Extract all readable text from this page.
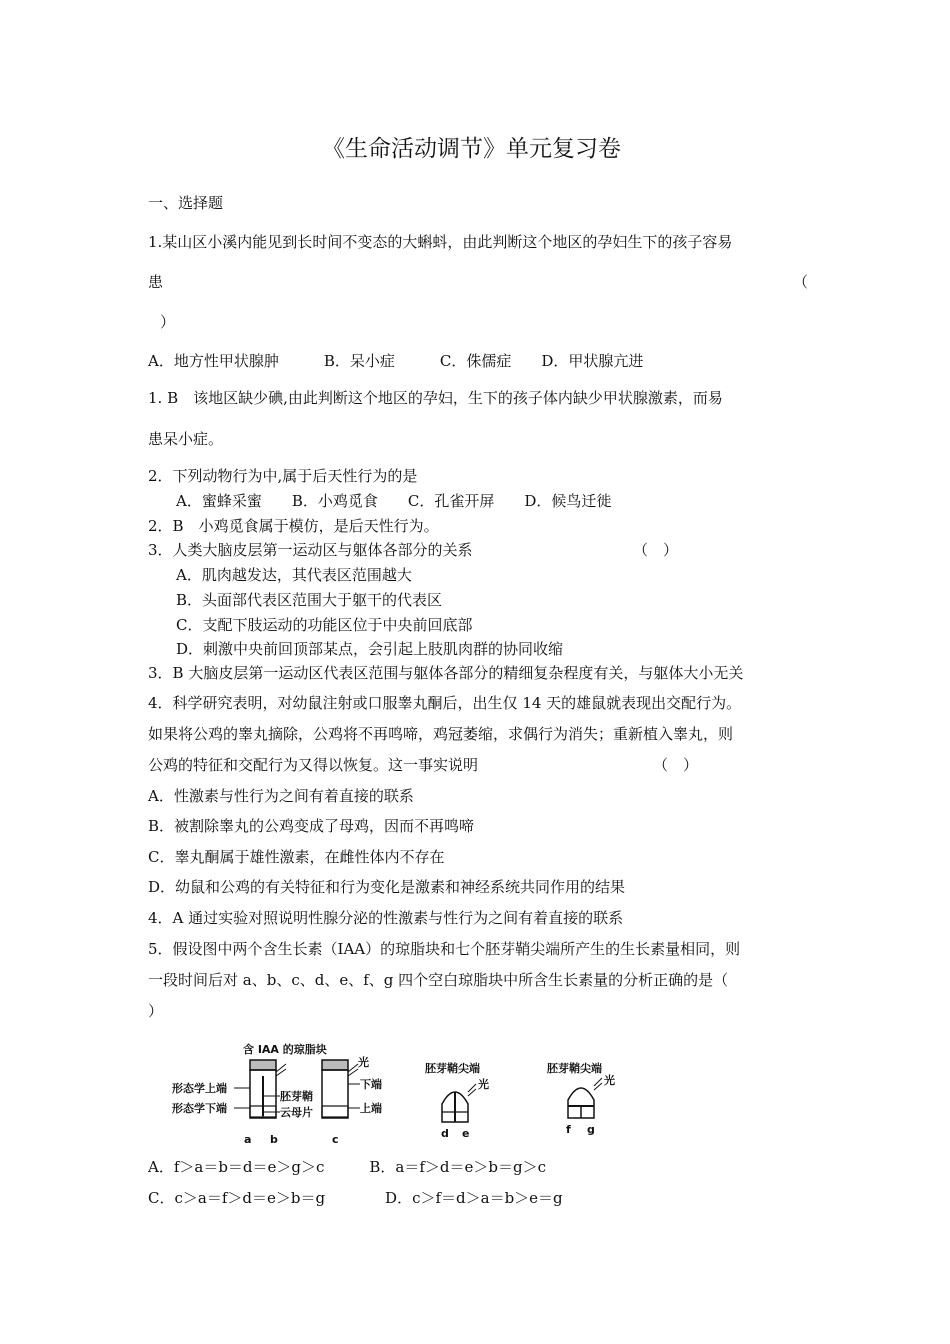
《生命活动调节》单元复习卷
一、选择题
1.某山区小溪内能见到长时间不变态的大蝌蚪，由此判断这个地区的孕妇生下的孩子容易
患	（
）
A．地方性甲状腺肿　　　B．呆小症　　　C．侏儒症　　D．甲状腺亢进
1. B　该地区缺少碘,由此判断这个地区的孕妇，生下的孩子体内缺少甲状腺激素，而易
患呆小症。
2．下列动物行为中,属于后天性行为的是
A．蜜蜂采蜜　　B．小鸡觅食　　C．孔雀开屏　　D．候鸟迁徙
2．B　小鸡觅食属于模仿，是后天性行为。
3．人类大脑皮层第一运动区与躯体各部分的关系	（　）
A．肌肉越发达，其代表区范围越大
B．头面部代表区范围大于躯干的代表区
C．支配下肢运动的功能区位于中央前回底部
D．刺激中央前回顶部某点，会引起上肢肌肉群的协同收缩
3．B 大脑皮层第一运动区代表区范围与躯体各部分的精细复杂程度有关，与躯体大小无关
4．科学研究表明，对幼鼠注射或口服睾丸酮后，出生仅 14 天的雄鼠就表现出交配行为。
如果将公鸡的睾丸摘除，公鸡将不再鸣啼，鸡冠萎缩，求偶行为消失；重新植入睾丸，则
公鸡的特征和交配行为又得以恢复。这一事实说明	（　）
A．性激素与性行为之间有着直接的联系
B．被割除睾丸的公鸡变成了母鸡，因而不再鸣啼
C．睾丸酮属于雄性激素，在雌性体内不存在
D．幼鼠和公鸡的有关特征和行为变化是激素和神经系统共同作用的结果
4．A 通过实验对照说明性腺分泌的性激素与性行为之间有着直接的联系
5．假设图中两个含生长素（IAA）的琼脂块和七个胚芽鞘尖端所产生的生长素量相同，则
一段时间后对 a、b、c、d、e、f、g 四个空白琼脂块中所含生长素量的分析正确的是（
）
含 IAA 的琼脂块
形态学上端
形态学下端
胚芽鞘
云母片
下端
上端
光	胚芽鞘尖端
光
胚芽鞘尖端
光
a b	c	d e	f g
A．f＞a＝b＝d＝e＞g＞c　　　B．a＝f＞d＝e＞b＝g＞c
C．c＞a＝f＞d＝e＞b＝g　　　　D．c＞f＝d＞a＝b＞e＝g
